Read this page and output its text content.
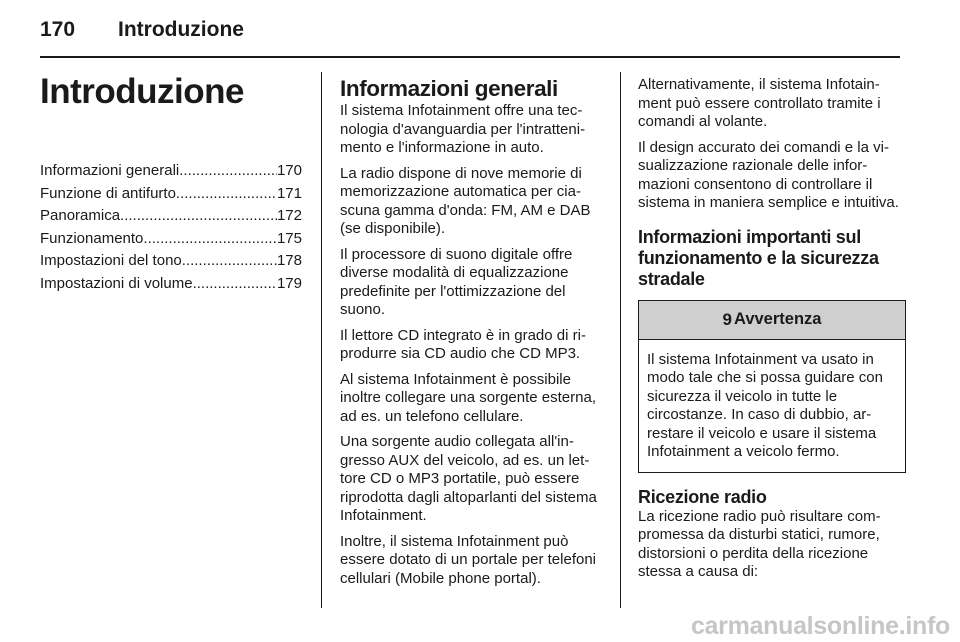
170 Introduzione
Introduzione
Informazioni generali .....	170
Funzione di antifurto .....	171
Panoramica .....	172
Funzionamento .....	175
Impostazioni del tono .....	178
Impostazioni di volume .....	179
Informazioni generali

Il sistema Infotainment offre una tecnologia d'avanguardia per l'intrattenimento e l'informazione in auto.

La radio dispone di nove memorie di memorizzazione automatica per ciascuna gamma d'onda: FM, AM e DAB (se disponibile).

Il processore di suono digitale offre diverse modalità di equalizzazione predefinite per l'ottimizzazione del suono.

Il lettore CD integrato è in grado di riprodurre sia CD audio che CD MP3.

Al sistema Infotainment è possibile inoltre collegare una sorgente esterna, ad es. un telefono cellulare.

Una sorgente audio collegata all'ingresso AUX del veicolo, ad es. un lettore CD o MP3 portatile, può essere riprodotta dagli altoparlanti del sistema Infotainment.

Inoltre, il sistema Infotainment può essere dotato di un portale per telefoni cellulari (Mobile phone portal).

Alternativamente, il sistema Infotainment può essere controllato tramite i comandi al volante.

Il design accurato dei comandi e la visualizzazione razionale delle informazioni consentono di controllare il sistema in maniera semplice e intuitiva.

Informazioni importanti sul funzionamento e la sicurezza stradale
9 Avvertenza

Il sistema Infotainment va usato in modo tale che si possa guidare con sicurezza il veicolo in tutte le circostanze. In caso di dubbio, arrestare il veicolo e usare il sistema Infotainment a veicolo fermo.

Ricezione radio

La ricezione radio può risultare compromessa da disturbi statici, rumore, distorsioni o perdita della ricezione stessa a causa di:

carmanualsonline.info
